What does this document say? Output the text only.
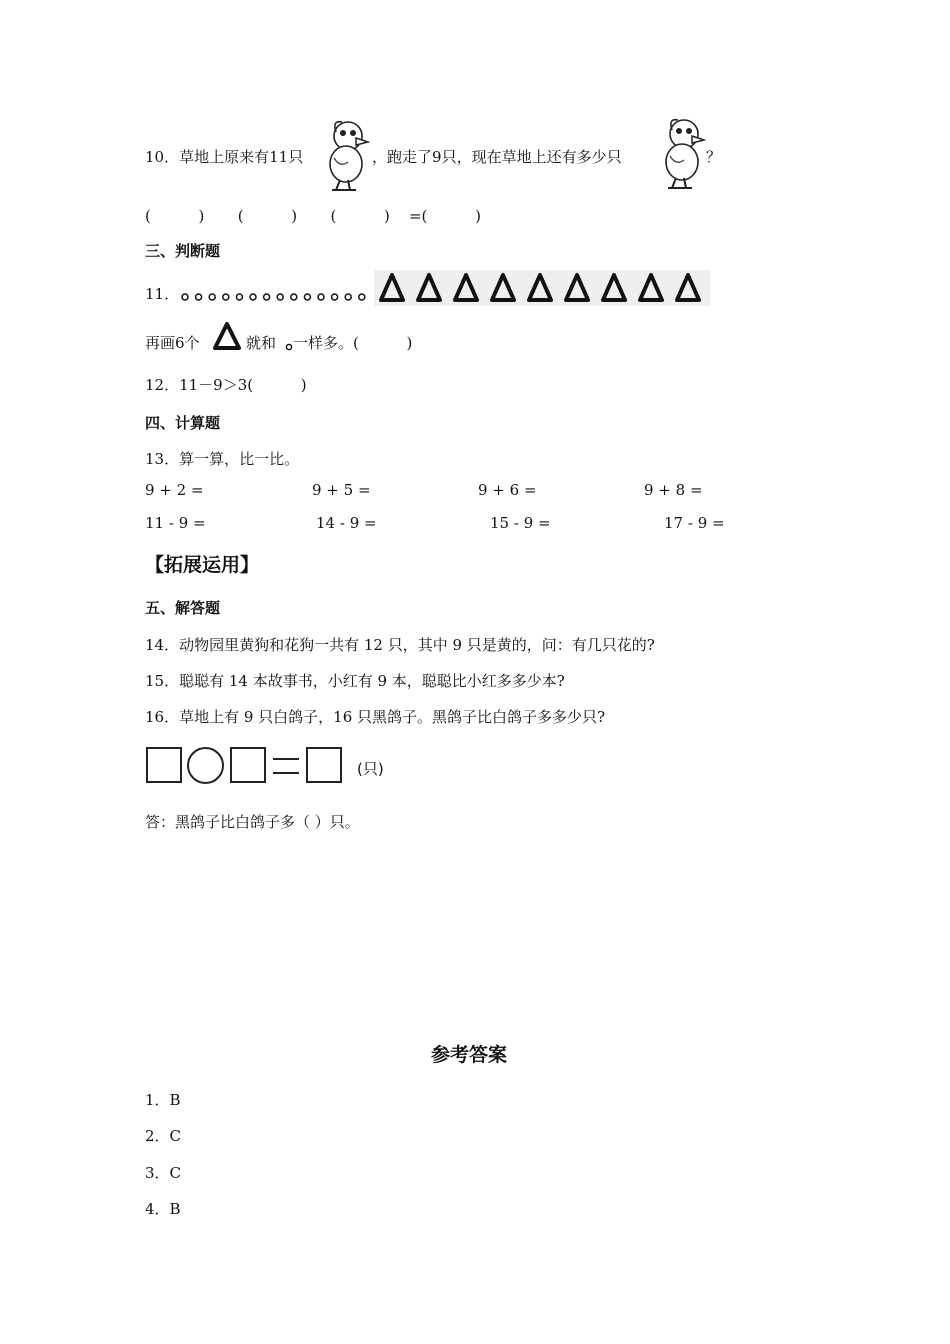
10．草地上原来有11只	，跑走了9只，现在草地上还有多少只	？
(          )       (          )       (          )    =(          )
三、判断题
11．
再画6个	就和 一样多。(          )
12．11－9＞3(          )
四、计算题
13．算一算，比一比。
9 + 2 =	9 + 5 =	9 + 6 =	9 + 8 =
11 - 9 =	14 - 9 =	15 - 9 =	17 - 9 =
【拓展运用】
五、解答题
14．动物园里黄狗和花狗一共有 12 只，其中 9 只是黄的，问：有几只花的?
15．聪聪有 14 本故事书，小红有 9 本，聪聪比小红多多少本?
16．草地上有 9 只白鸽子，16 只黑鸽子。黑鸽子比白鸽子多多少只?
(只)
答：黑鸽子比白鸽子多（ ）只。
参考答案
1．B
2．C
3．C
4．B
